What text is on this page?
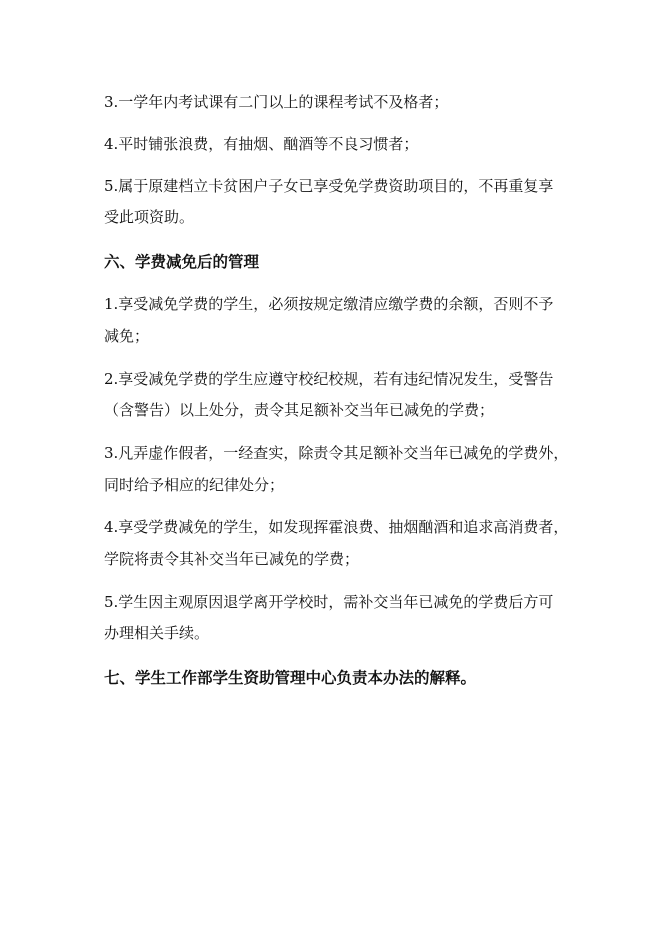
3.一学年内考试课有二门以上的课程考试不及格者；
4.平时铺张浪费，有抽烟、酗酒等不良习惯者；
5.属于原建档立卡贫困户子女已享受免学费资助项目的，不再重复享
受此项资助。
六、学费减免后的管理
1.享受减免学费的学生，必须按规定缴清应缴学费的余额，否则不予
减免；
2.享受减免学费的学生应遵守校纪校规，若有违纪情况发生，受警告
（含警告）以上处分，责令其足额补交当年已减免的学费；
3.凡弄虚作假者，一经查实，除责令其足额补交当年已减免的学费外，
同时给予相应的纪律处分；
4.享受学费减免的学生，如发现挥霍浪费、抽烟酗酒和追求高消费者，
学院将责令其补交当年已减免的学费；
5.学生因主观原因退学离开学校时，需补交当年已减免的学费后方可
办理相关手续。
七、学生工作部学生资助管理中心负责本办法的解释。
